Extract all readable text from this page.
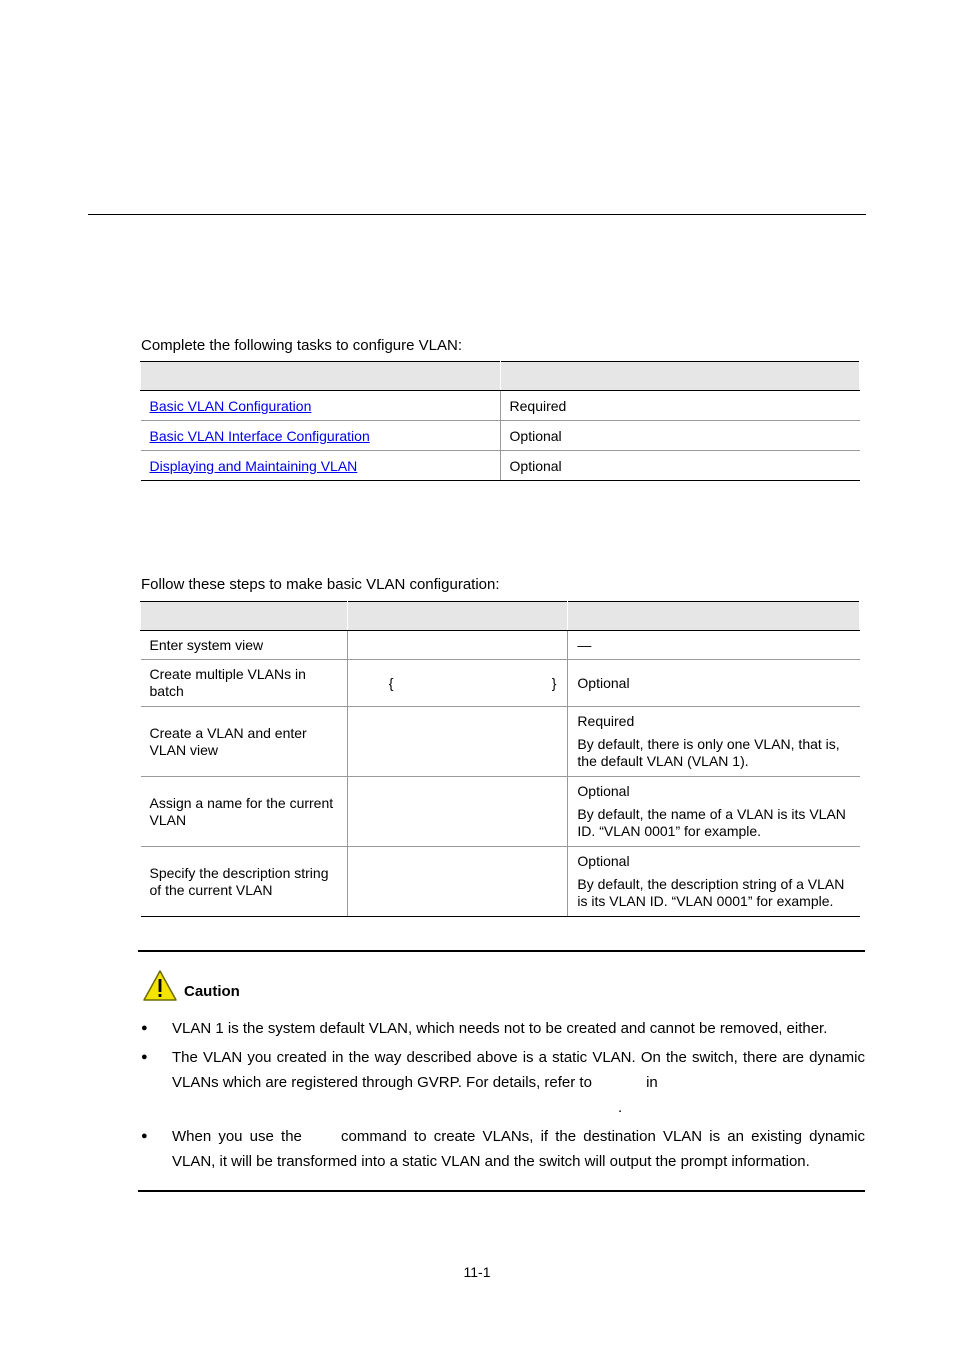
Complete the following tasks to configure VLAN:

Basic VLAN Configuration	Required
Basic VLAN Interface Configuration	Optional
Displaying and Maintaining VLAN	Optional
Follow these steps to make basic VLAN configuration:

Enter system view		—

Create multiple VLANs in batch	{ }	Optional

Create a VLAN and enter VLAN view		Required

By default, there is only one VLAN, that is, the default VLAN (VLAN 1).

Assign a name for the current VLAN		Optional

By default, the name of a VLAN is its VLAN ID. “VLAN 0001” for example.

Specify the description string of the current VLAN		Optional

By default, the description string of a VLAN is its VLAN ID. “VLAN 0001” for example.

Caution
● VLAN 1 is the system default VLAN, which needs not to be created and cannot be removed, either.
● The VLAN you created in the way described above is a static VLAN. On the switch, there are dynamic VLANs which are registered through GVRP. For details, refer to	in
.
● When you use the	command to create VLANs, if the destination VLAN is an existing dynamic VLAN, it will be transformed into a static VLAN and the switch will output the prompt information.
11-1
